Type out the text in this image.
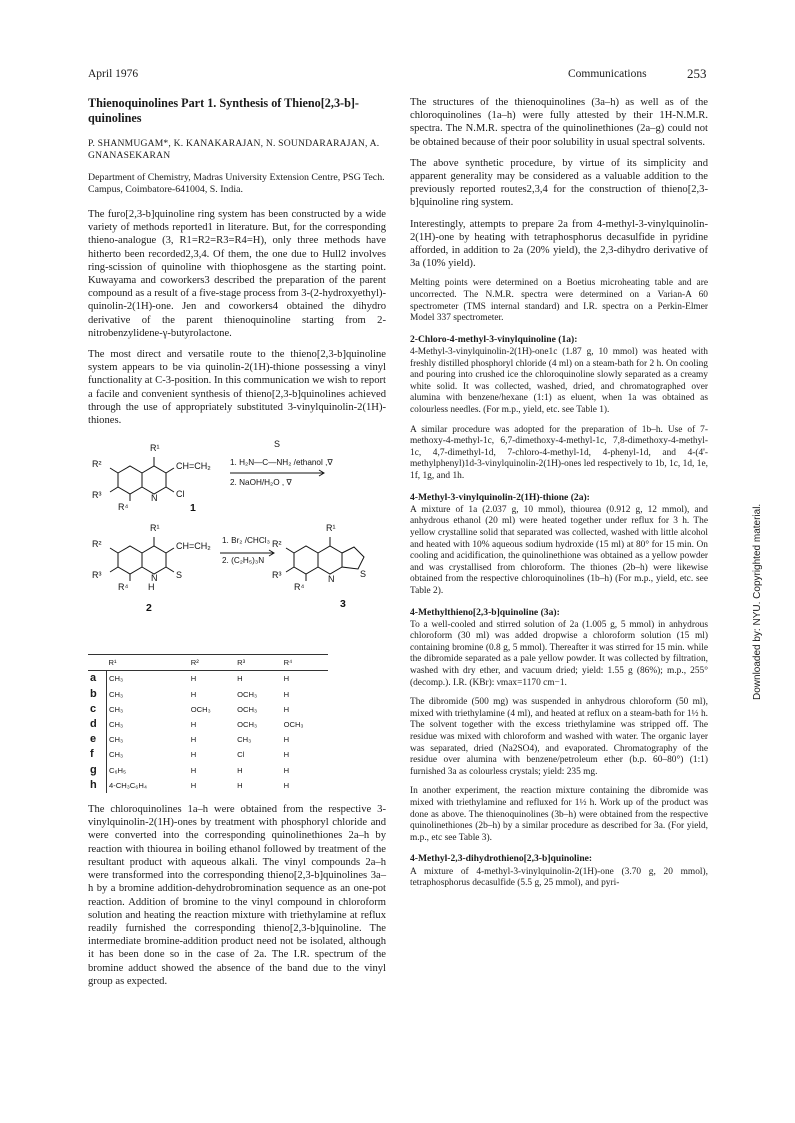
April 1976	Communications	253
Downloaded by: NYU. Copyrighted material.
Thienoquinolines Part 1. Synthesis of Thieno[2,3-b]-quinolines
P. SHANMUGAM*, K. KANAKARAJAN, N. SOUNDARARAJAN, A. GNANASEKARAN
Department of Chemistry, Madras University Extension Centre, PSG Tech. Campus, Coimbatore-641004, S. India.

The furo[2,3-b]quinoline ring system has been constructed by a wide variety of methods reported1 in literature. But, for the corresponding thieno-analogue (3, R1=R2=R3=R4=H), only three methods have hitherto been recorded2,3,4. Of them, the one due to Hull2 involves ring-scission of quinoline with thiophosgene as the starting point. Kuwayama and coworkers3 described the preparation of the parent compound as a result of a five-stage process from 3-(2-hydroxyethyl)-quinolin-2(1H)-one. Jen and coworkers4 obtained the dihydro derivative of the parent thienoquinoline starting from 2-nitrobenzylidene-γ-butyrolactone.

The most direct and versatile route to the thieno[2,3-b]quinoline system appears to be via quinolin-2(1H)-thione possessing a vinyl functionality at C-3-position. In this communication we wish to report a facile and convenient synthesis of thieno[2,3-b]quinolines achieved through the use of appropriately substituted 3-vinylquinolin-2(1H)-thiones.

R¹
R²
R³
R⁴
CH=CH₂
Cl
N
1
S
1. H₂N—C—NH₂ /ethanol ,∇
2. NaOH/H₂O , ∇
R¹
R²
R³
R⁴
CH=CH₂
S
N
H
2
1. Br₂ /CHCl₃
2. (C₂H₅)₃N
R¹
R²
R³
R⁴
N	S
3
	R¹	R²	R³	R⁴
a	CH₃	H	H	H
b	CH₃	H	OCH₃	H
c	CH₃	OCH₃	OCH₃	H
d	CH₃	H	OCH₃	OCH₃
e	CH₃	H	CH₃	H
f	CH₃	H	Cl	H
g	C₆H₅	H	H	H
h	4-CH₃C₆H₄	H	H	H

The chloroquinolines 1a–h were obtained from the respective 3-vinylquinolin-2(1H)-ones by treatment with phosphoryl chloride and were converted into the corresponding quinolinethiones 2a–h by reaction with thiourea in boiling ethanol followed by treatment of the resultant product with aqueous alkali. The vinyl compounds 2a–h were transformed into the corresponding thieno[2,3-b]quinolines 3a–h by a bromine addition-dehydrobromination sequence as an one-pot reaction. Addition of bromine to the vinyl compound in chloroform solution and heating the reaction mixture with triethylamine at reflux readily furnished the corresponding thieno[2,3-b]quinoline. The intermediate bromine-addition product need not be isolated, although it has been done so in the case of 2a. The I.R. spectrum of the bromine adduct showed the absence of the band due to the vinyl group as expected.

The structures of the thienoquinolines (3a–h) as well as of the chloroquinolines (1a–h) were fully attested by their 1H-N.M.R. spectra. The N.M.R. spectra of the quinolinethiones (2a–g) could not be obtained because of their poor solubility in usual spectral solvents.

The above synthetic procedure, by virtue of its simplicity and apparent generality may be considered as a valuable addition to the previously reported routes2,3,4 for the construction of thieno[2,3-b]quinoline ring system.

Interestingly, attempts to prepare 2a from 4-methyl-3-vinylquinolin-2(1H)-one by heating with tetraphosphorus decasulfide in pyridine afforded, in addition to 2a (20% yield), the 2,3-dihydro derivative of 3a (10% yield).

Melting points were determined on a Boetius microheating table and are uncorrected. The N.M.R. spectra were determined on a Varian-A 60 spectrometer (TMS internal standard) and I.R. spectra on a Perkin-Elmer Model 337 spectrometer.

2-Chloro-4-methyl-3-vinylquinoline (1a):

4-Methyl-3-vinylquinolin-2(1H)-one1c (1.87 g, 10 mmol) was heated with freshly distilled phosphoryl chloride (4 ml) on a steam-bath for 2 h. On cooling and pouring into crushed ice the chloroquinoline slowly separated as a creamy white solid. It was collected, washed, dried, and chromatographed over alumina with benzene/hexane (1:1) as eluent, when 1a was obtained as colourless needles. (For m.p., yield, etc. see Table 1).

A similar procedure was adopted for the preparation of 1b–h. Use of 7-methoxy-4-methyl-1c, 6,7-dimethoxy-4-methyl-1c, 7,8-dimethoxy-4-methyl-1c, 4,7-dimethyl-1d, 7-chloro-4-methyl-1d, 4-phenyl-1d, and 4-(4'-methylphenyl)1d-3-vinylquinolin-2(1H)-ones led respectively to 1b, 1c, 1d, 1e, 1f, 1g, and 1h.

4-Methyl-3-vinylquinolin-2(1H)-thione (2a):

A mixture of 1a (2.037 g, 10 mmol), thiourea (0.912 g, 12 mmol), and anhydrous ethanol (20 ml) were heated together under reflux for 3 h. The yellow crystalline solid that separated was collected, washed with little alcohol and heated with 10% aqueous sodium hydroxide (15 ml) at 80° for 15 min. On cooling and acidification, the quinolinethione was obtained as a yellow powder and was crystallised from chloroform. The thiones (2b–h) were likewise obtained from the respective chloroquinolines (1b–h) (For m.p., yield, etc. see Table 2).

4-Methylthieno[2,3-b]quinoline (3a):

To a well-cooled and stirred solution of 2a (1.005 g, 5 mmol) in anhydrous chloroform (30 ml) was added dropwise a chloroform solution (15 ml) containing bromine (0.8 g, 5 mmol). Thereafter it was stirred for 15 min. while the dibromide separated as a pale yellow powder. It was collected by filtration, washed with dry ether, and vacuum dried; yield: 1.55 g (86%); m.p., 255° (decomp.). I.R. (KBr): νmax=1170 cm−1.

The dibromide (500 mg) was suspended in anhydrous chloroform (50 ml), mixed with triethylamine (4 ml), and heated at reflux on a steam-bath for 1½ h. The solvent together with the excess triethylamine was stripped off. The residue was mixed with chloroform and washed with water. The organic layer was separated, dried (Na2SO4), and evaporated. Chromatography of the residue over alumina with benzene/petroleum ether (b.p. 60–80°) (1:1) furnished 3a as colourless crystals; yield: 235 mg.

In another experiment, the reaction mixture containing the dibromide was mixed with triethylamine and refluxed for 1½ h. Work up of the product was done as above. The thienoquinolines (3b–h) were obtained from the respective quinolinethiones (2b–h) by a similar procedure as described for 3a. (For yield, m.p., etc see Table 3).

4-Methyl-2,3-dihydrothieno[2,3-b]quinoline:

A mixture of 4-methyl-3-vinylquinolin-2(1H)-one (3.70 g, 20 mmol), tetraphosphorus decasulfide (5.5 g, 25 mmol), and pyri-
